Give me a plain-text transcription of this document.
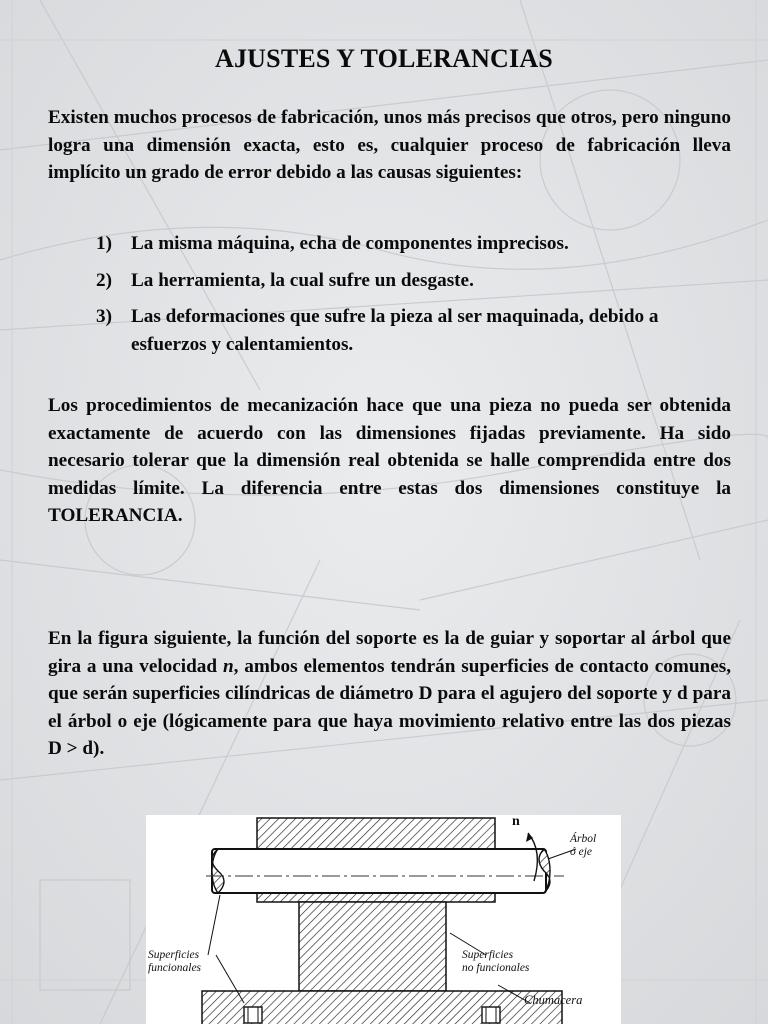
AJUSTES Y TOLERANCIAS

Existen muchos procesos de fabricación, unos más precisos que otros, pero ninguno logra una dimensión exacta, esto es, cualquier proceso de fabricación lleva implícito un grado de error debido a las causas siguientes:

1) La misma máquina, echa de componentes imprecisos.
2) La herramienta, la cual sufre un desgaste.
3) Las deformaciones que sufre la pieza al ser maquinada, debido a esfuerzos y calentamientos.

Los procedimientos de mecanización hace que una pieza no pueda ser obtenida exactamente de acuerdo con las dimensiones fijadas previamente. Ha sido necesario tolerar que la dimensión real obtenida se halle comprendida entre dos medidas límite. La diferencia entre estas dos dimensiones constituye la TOLERANCIA.

En la figura siguiente, la función del soporte es la de guiar y soportar al árbol que gira a una velocidad n, ambos elementos tendrán superficies de contacto comunes, que serán superficies cilíndricas de diámetro D para el agujero del soporte y d para el árbol o eje (lógicamente para que haya movimiento relativo entre las dos piezas D > d).

n
Árbol
ó eje
Superficies
funcionales
Superficies
no funcionales
Chumacera
